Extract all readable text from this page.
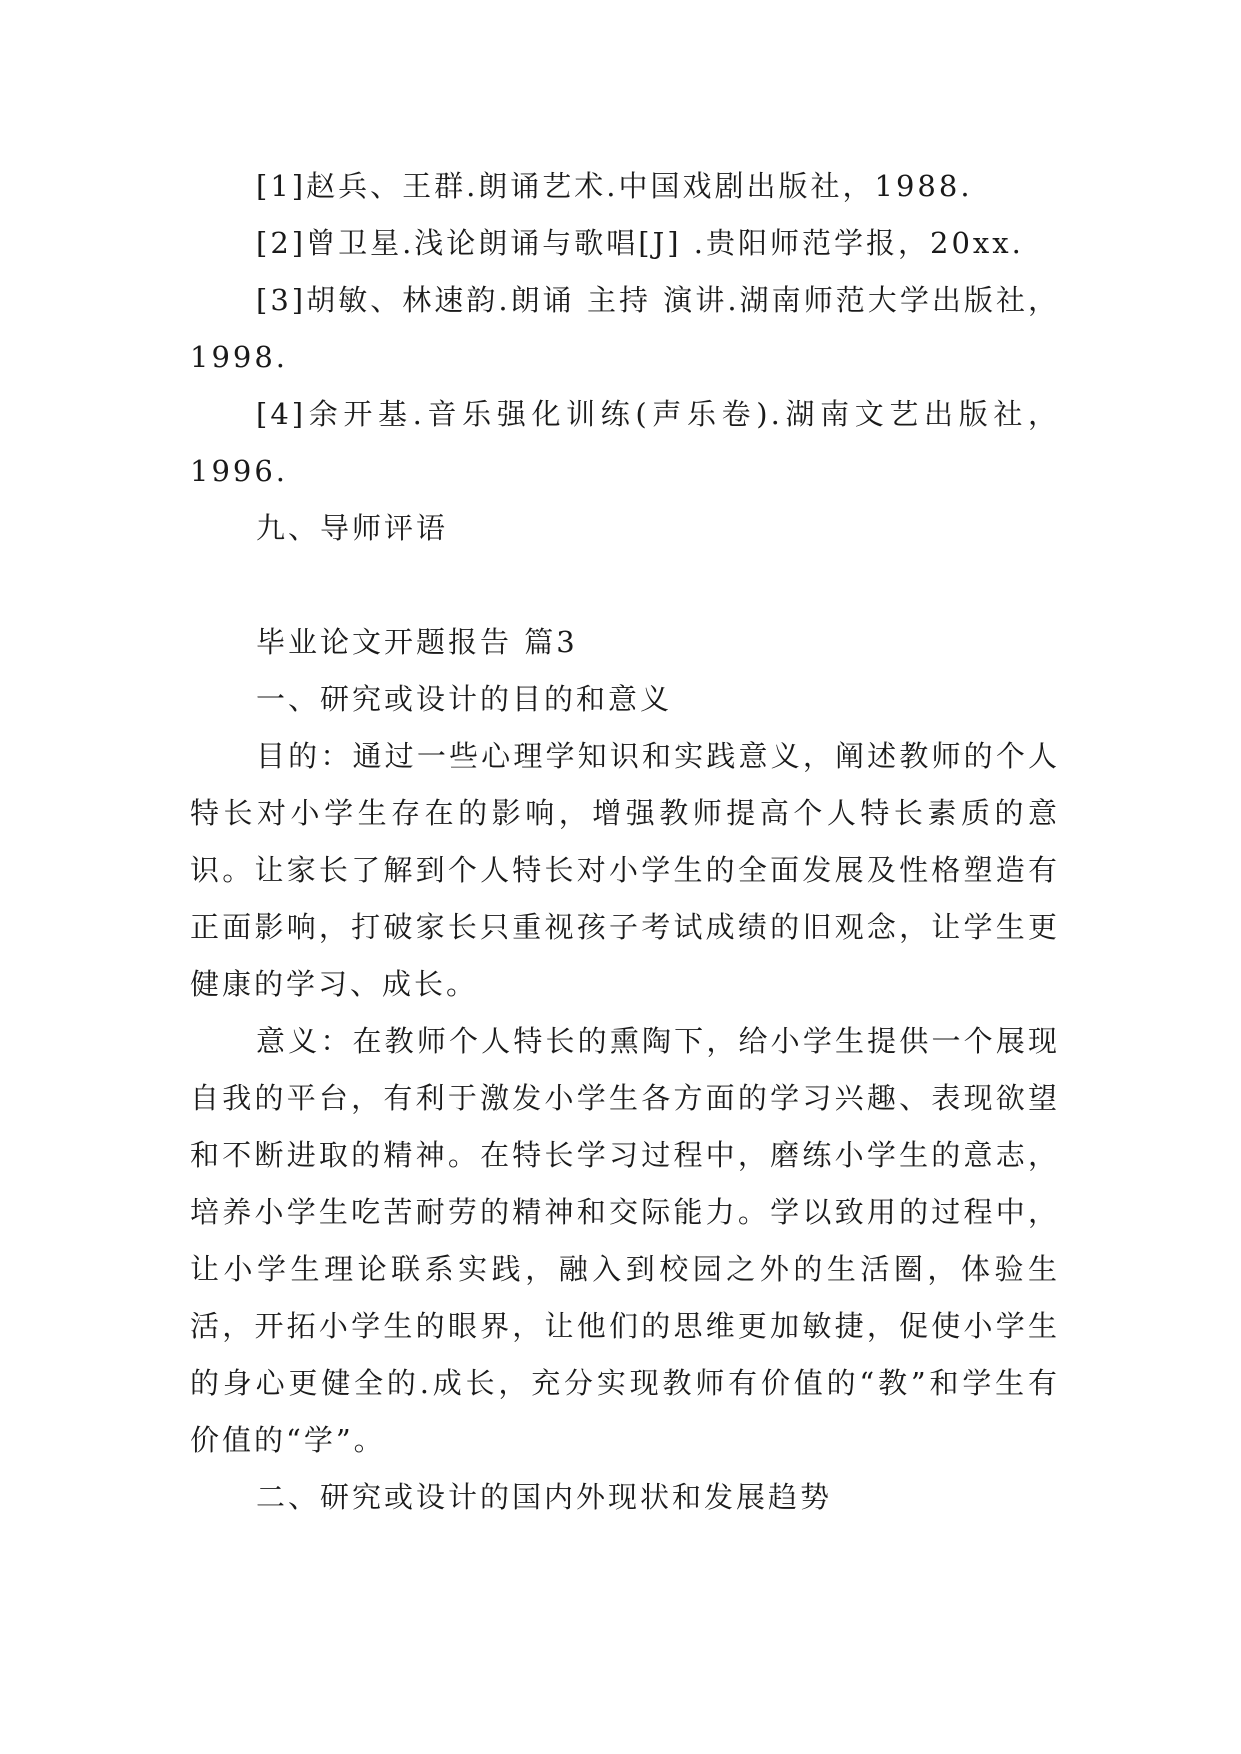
[1]赵兵、王群.朗诵艺术.中国戏剧出版社，1988.

[2]曾卫星.浅论朗诵与歌唱[J] .贵阳师范学报，20xx.

[3]胡敏、林速韵.朗诵 主持 演讲.湖南师范大学出版社，1998.

[4]余开基.音乐强化训练(声乐卷).湖南文艺出版社，1996.

九、导师评语

毕业论文开题报告 篇3

一、研究或设计的目的和意义

目的：通过一些心理学知识和实践意义，阐述教师的个人特长对小学生存在的影响，增强教师提高个人特长素质的意识。让家长了解到个人特长对小学生的全面发展及性格塑造有正面影响，打破家长只重视孩子考试成绩的旧观念，让学生更健康的学习、成长。

意义：在教师个人特长的熏陶下，给小学生提供一个展现自我的平台，有利于激发小学生各方面的学习兴趣、表现欲望和不断进取的精神。在特长学习过程中，磨练小学生的意志，培养小学生吃苦耐劳的精神和交际能力。学以致用的过程中，让小学生理论联系实践，融入到校园之外的生活圈，体验生活，开拓小学生的眼界，让他们的思维更加敏捷，促使小学生的身心更健全的.成长，充分实现教师有价值的“教”和学生有价值的“学”。

二、研究或设计的国内外现状和发展趋势
